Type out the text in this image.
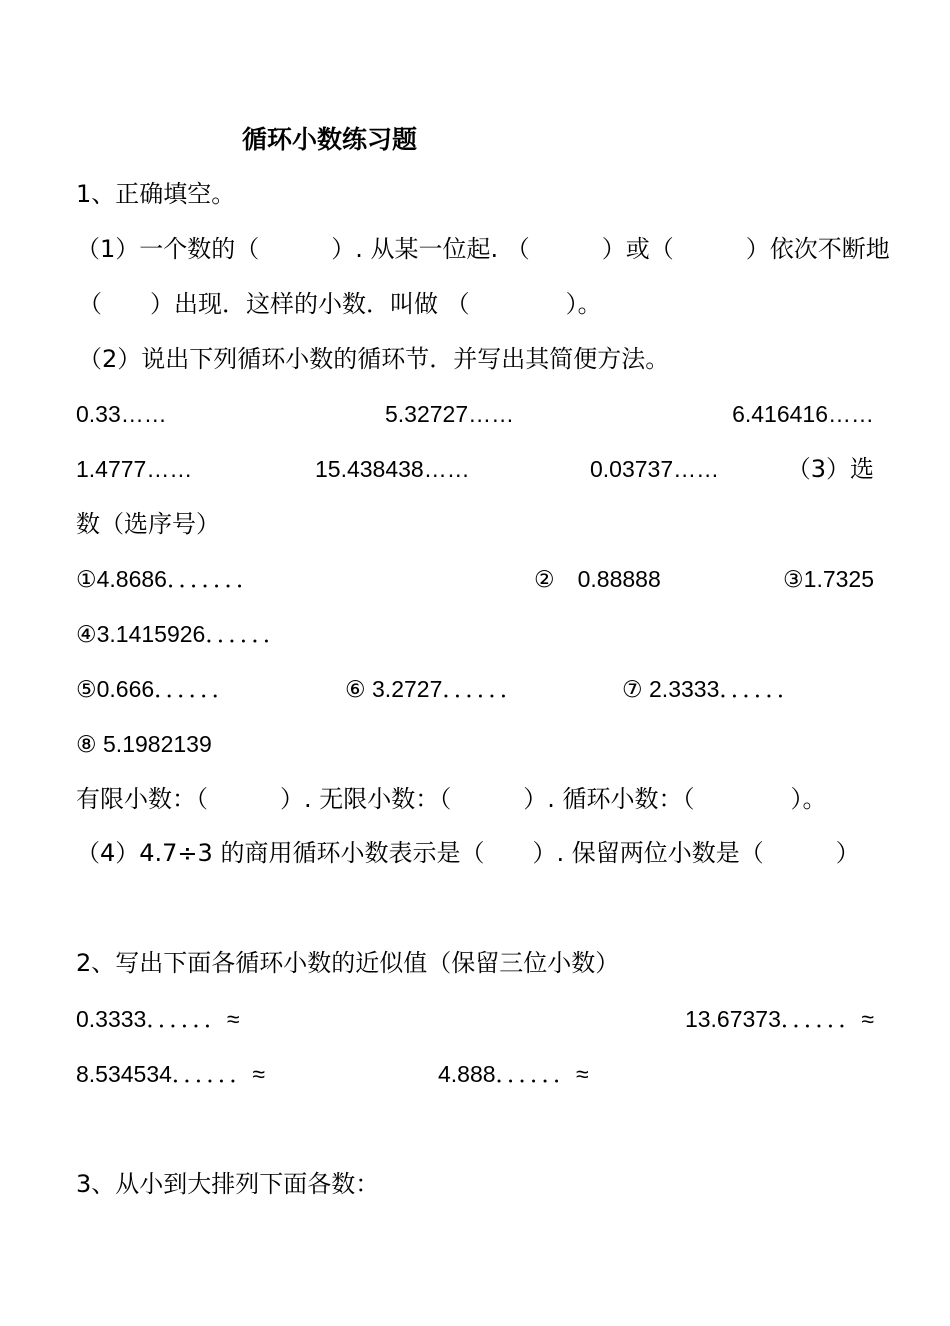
循环小数练习题
1、正确填空。
（1）一个数的（　　　）. 从某一位起. （　　　）或（　　　）依次不断地
（　　）出现．这样的小数．叫做 （　　　　）。
（2）说出下列循环小数的循环节．并写出其简便方法。
0.33……	5.32727……	6.416416……
1.4777……	15.438438……	0.03737……	（3）选
数（选序号）
①4.8686．．．．．．．	②　0.88888	③1.7325
④3.1415926．．．．．．
⑤0.666．．．．．．	⑥ 3.2727．．．．．．	⑦ 2.3333．．．．．．
⑧ 5.1982139
有限小数：（　　　）. 无限小数：（　　　）. 循环小数：（　　　　）。
（4）4.7÷3 的商用循环小数表示是（　　）. 保留两位小数是（　　　）
2、写出下面各循环小数的近似值（保留三位小数）
0.3333．．．．．．≈	13.67373．．．．．．≈
8.534534．．．．．．≈	4.888．．．．．．≈
3、从小到大排列下面各数：
